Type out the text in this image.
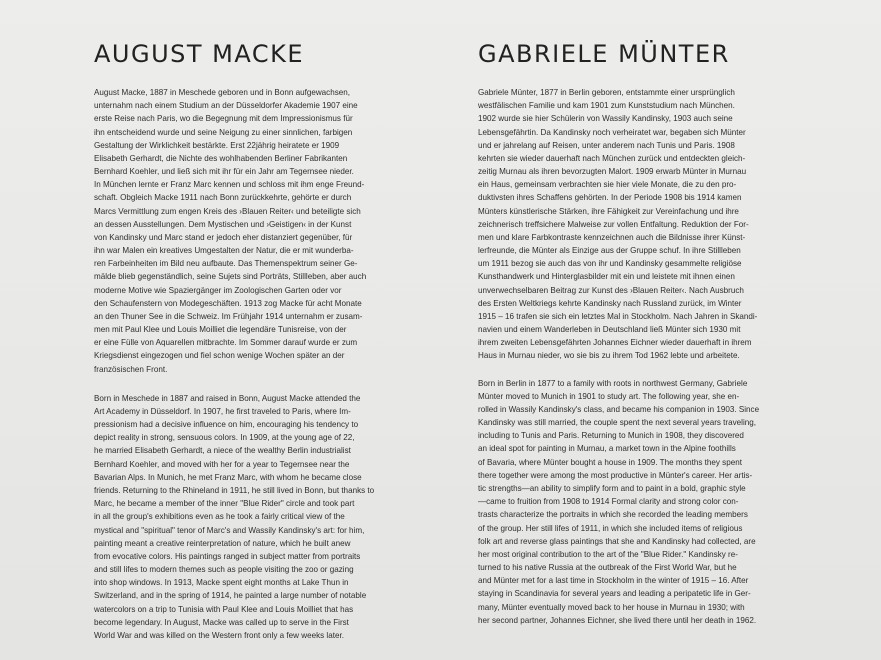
AUGUST MACKE
August Macke, 1887 in Meschede geboren und in Bonn aufgewachsen,
unternahm nach einem Studium an der Düsseldorfer Akademie 1907 eine
erste Reise nach Paris, wo die Begegnung mit dem Impressionismus für
ihn entscheidend wurde und seine Neigung zu einer sinnlichen, farbigen
Gestaltung der Wirklichkeit bestärkte. Erst 22jährig heiratete er 1909
Elisabeth Gerhardt, die Nichte des wohlhabenden Berliner Fabrikanten
Bernhard Koehler, und ließ sich mit ihr für ein Jahr am Tegernsee nieder.
In München lernte er Franz Marc kennen und schloss mit ihm enge Freund-
schaft. Obgleich Macke 1911 nach Bonn zurückkehrte, gehörte er durch
Marcs Vermittlung zum engen Kreis des ›Blauen Reiter‹ und beteiligte sich
an dessen Ausstellungen. Dem Mystischen und ›Geistigen‹ in der Kunst
von Kandinsky und Marc stand er jedoch eher distanziert gegenüber, für
ihn war Malen ein kreatives Umgestalten der Natur, die er mit wunderba-
ren Farbeinheiten im Bild neu aufbaute. Das Themenspektrum seiner Ge-
mälde blieb gegenständlich, seine Sujets sind Porträts, Stillleben, aber auch
moderne Motive wie Spaziergänger im Zoologischen Garten oder vor
den Schaufenstern von Modegeschäften. 1913 zog Macke für acht Monate
an den Thuner See in die Schweiz. Im Frühjahr 1914 unternahm er zusam-
men mit Paul Klee und Louis Moilliet die legendäre Tunisreise, von der
er eine Fülle von Aquarellen mitbrachte. Im Sommer darauf wurde er zum
Kriegsdienst eingezogen und fiel schon wenige Wochen später an der
französischen Front.
Born in Meschede in 1887 and raised in Bonn, August Macke attended the
Art Academy in Düsseldorf. In 1907, he first traveled to Paris, where Im-
pressionism had a decisive influence on him, encouraging his tendency to
depict reality in strong, sensuous colors. In 1909, at the young age of 22,
he married Elisabeth Gerhardt, a niece of the wealthy Berlin industrialist
Bernhard Koehler, and moved with her for a year to Tegernsee near the
Bavarian Alps. In Munich, he met Franz Marc, with whom he became close
friends. Returning to the Rhineland in 1911, he still lived in Bonn, but thanks to
Marc, he became a member of the inner "Blue Rider" circle and took part
in all the group's exhibitions even as he took a fairly critical view of the
mystical and "spiritual" tenor of Marc's and Wassily Kandinsky's art: for him,
painting meant a creative reinterpretation of nature, which he built anew
from evocative colors. His paintings ranged in subject matter from portraits
and still lifes to modern themes such as people visiting the zoo or gazing
into shop windows. In 1913, Macke spent eight months at Lake Thun in
Switzerland, and in the spring of 1914, he painted a large number of notable
watercolors on a trip to Tunisia with Paul Klee and Louis Moilliet that has
become legendary. In August, Macke was called up to serve in the First
World War and was killed on the Western front only a few weeks later.
GABRIELE MÜNTER
Gabriele Münter, 1877 in Berlin geboren, entstammte einer ursprünglich
westfälischen Familie und kam 1901 zum Kunststudium nach München.
1902 wurde sie hier Schülerin von Wassily Kandinsky, 1903 auch seine
Lebensgefährtin. Da Kandinsky noch verheiratet war, begaben sich Münter
und er jahrelang auf Reisen, unter anderem nach Tunis und Paris. 1908
kehrten sie wieder dauerhaft nach München zurück und entdeckten gleich-
zeitig Murnau als ihren bevorzugten Malort. 1909 erwarb Münter in Murnau
ein Haus, gemeinsam verbrachten sie hier viele Monate, die zu den pro-
duktivsten ihres Schaffens gehörten. In der Periode 1908 bis 1914 kamen
Münters künstlerische Stärken, ihre Fähigkeit zur Vereinfachung und ihre
zeichnerisch treffsichere Malweise zur vollen Entfaltung. Reduktion der For-
men und klare Farbkontraste kennzeichnen auch die Bildnisse ihrer Künst-
lerfreunde, die Münter als Einzige aus der Gruppe schuf. In ihre Stillleben
um 1911 bezog sie auch das von ihr und Kandinsky gesammelte religiöse
Kunsthandwerk und Hinterglasbilder mit ein und leistete mit ihnen einen
unverwechselbaren Beitrag zur Kunst des ›Blauen Reiter‹. Nach Ausbruch
des Ersten Weltkriegs kehrte Kandinsky nach Russland zurück, im Winter
1915 – 16 trafen sie sich ein letztes Mal in Stockholm. Nach Jahren in Skandi-
navien und einem Wanderleben in Deutschland ließ Münter sich 1930 mit
ihrem zweiten Lebensgefährten Johannes Eichner wieder dauerhaft in ihrem
Haus in Murnau nieder, wo sie bis zu ihrem Tod 1962 lebte und arbeitete.
Born in Berlin in 1877 to a family with roots in northwest Germany, Gabriele
Münter moved to Munich in 1901 to study art. The following year, she en-
rolled in Wassily Kandinsky's class, and became his companion in 1903. Since
Kandinsky was still married, the couple spent the next several years traveling,
including to Tunis and Paris. Returning to Munich in 1908, they discovered
an ideal spot for painting in Murnau, a market town in the Alpine foothills
of Bavaria, where Münter bought a house in 1909. The months they spent
there together were among the most productive in Münter's career. Her artis-
tic strengths—an ability to simplify form and to paint in a bold, graphic style
—came to fruition from 1908 to 1914 Formal clarity and strong color con-
trasts characterize the portraits in which she recorded the leading members
of the group. Her still lifes of 1911, in which she included items of religious
folk art and reverse glass paintings that she and Kandinsky had collected, are
her most original contribution to the art of the "Blue Rider." Kandinsky re-
turned to his native Russia at the outbreak of the First World War, but he
and Münter met for a last time in Stockholm in the winter of 1915 – 16. After
staying in Scandinavia for several years and leading a peripatetic life in Ger-
many, Münter eventually moved back to her house in Murnau in 1930; with
her second partner, Johannes Eichner, she lived there until her death in 1962.
